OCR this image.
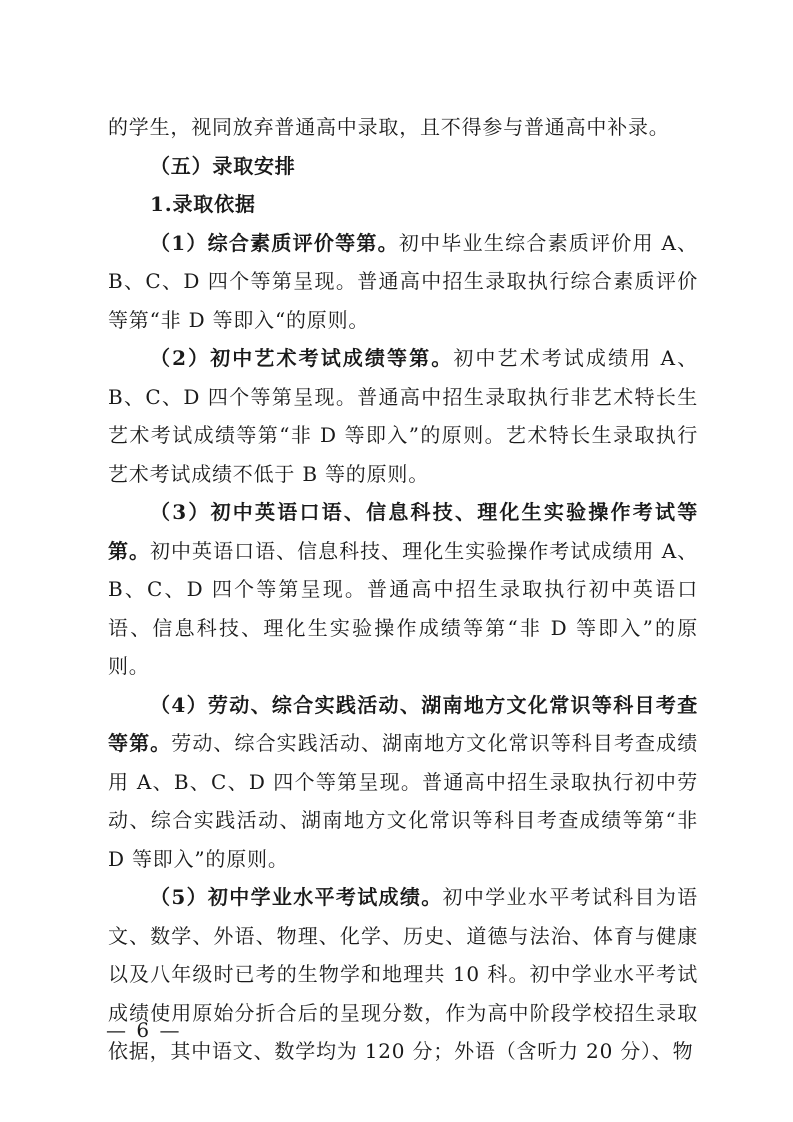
的学生，视同放弃普通高中录取，且不得参与普通高中补录。

（五）录取安排

1.录取依据

（1）综合素质评价等第。初中毕业生综合素质评价用 A、B、C、D 四个等第呈现。普通高中招生录取执行综合素质评价等第“非 D 等即入“的原则。

（2）初中艺术考试成绩等第。初中艺术考试成绩用 A、B、C、D 四个等第呈现。普通高中招生录取执行非艺术特长生艺术考试成绩等第“非 D 等即入”的原则。艺术特长生录取执行艺术考试成绩不低于 B 等的原则。

（3）初中英语口语、信息科技、理化生实验操作考试等第。初中英语口语、信息科技、理化生实验操作考试成绩用 A、B、C、D 四个等第呈现。普通高中招生录取执行初中英语口语、信息科技、理化生实验操作成绩等第“非 D 等即入”的原则。

（4）劳动、综合实践活动、湖南地方文化常识等科目考查等第。劳动、综合实践活动、湖南地方文化常识等科目考查成绩用 A、B、C、D 四个等第呈现。普通高中招生录取执行初中劳动、综合实践活动、湖南地方文化常识等科目考查成绩等第“非 D 等即入”的原则。

（5）初中学业水平考试成绩。初中学业水平考试科目为语文、数学、外语、物理、化学、历史、道德与法治、体育与健康以及八年级时已考的生物学和地理共 10 科。初中学业水平考试成绩使用原始分折合后的呈现分数，作为高中阶段学校招生录取依据，其中语文、数学均为 120 分；外语（含听力 20 分）、物

— 6 —
